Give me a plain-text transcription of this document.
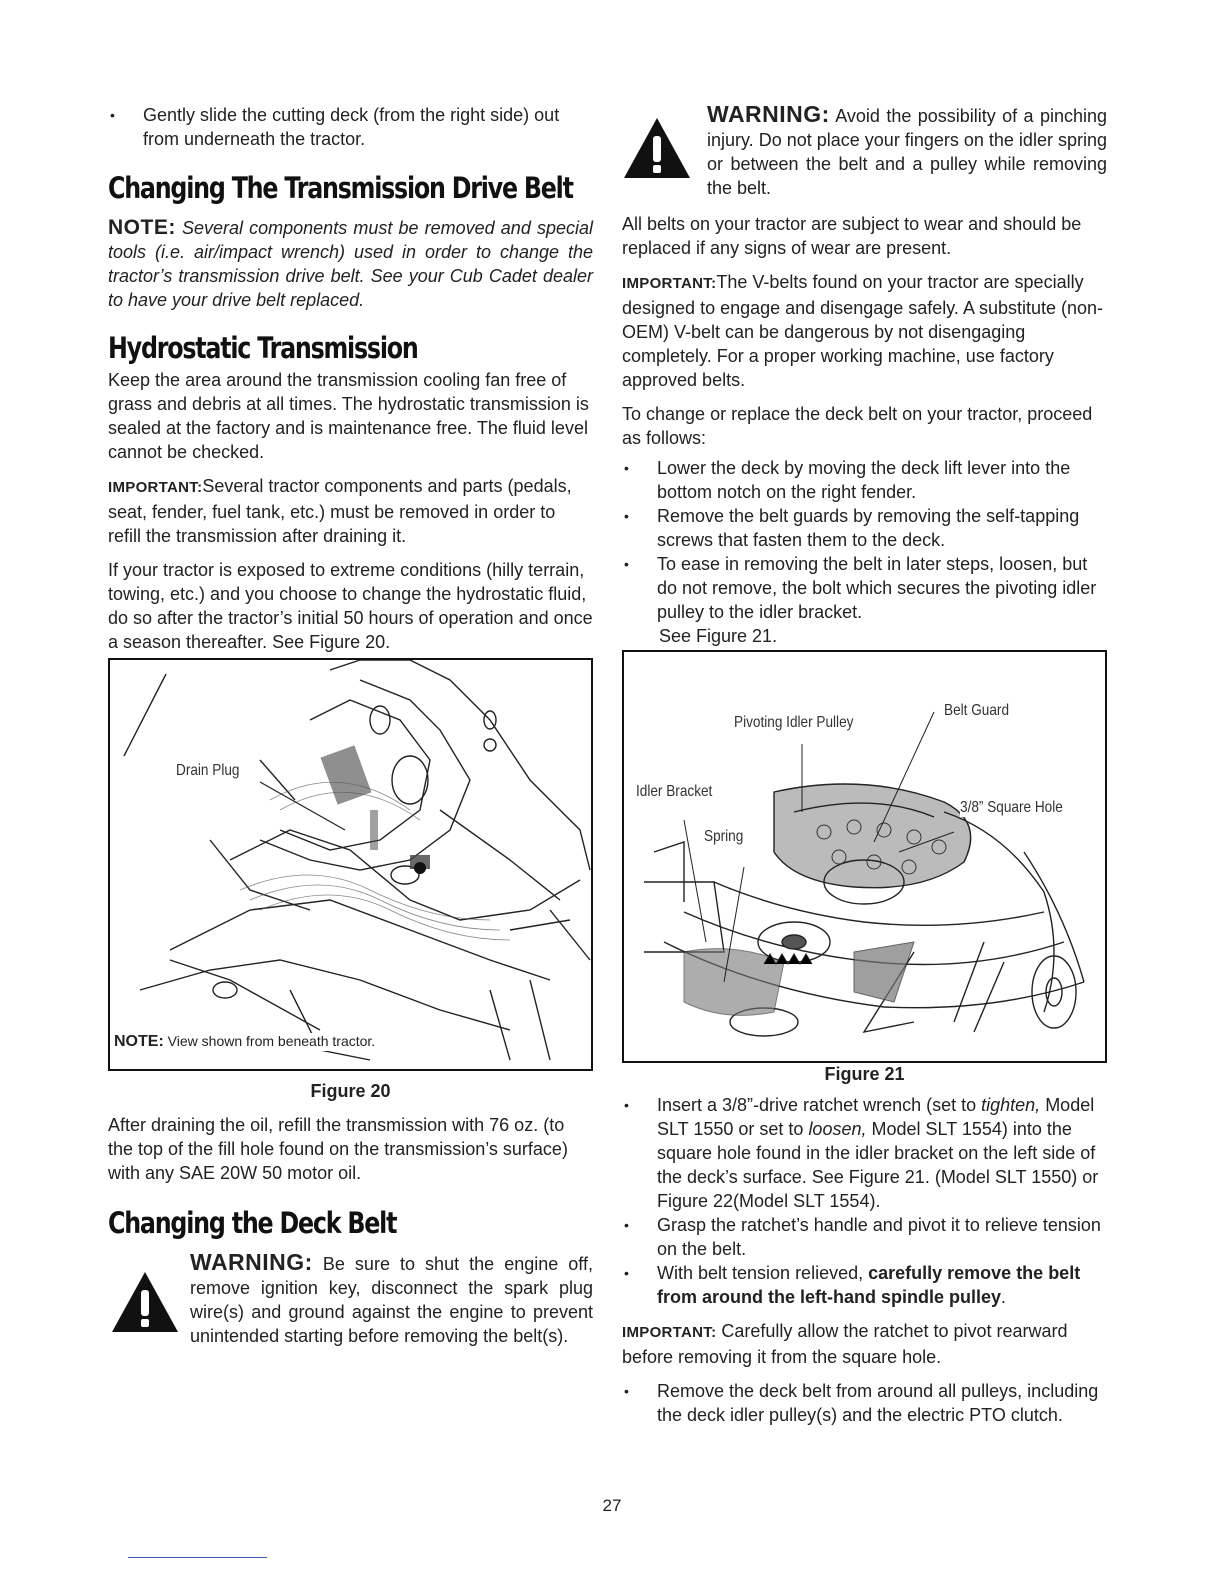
• Gently slide the cutting deck (from the right side) out from underneath the tractor.
Changing The Transmission Drive Belt

NOTE: Several components must be removed and special tools (i.e. air/impact wrench) used in order to change the tractor’s transmission drive belt. See your Cub Cadet dealer to have your drive belt replaced.

Hydrostatic Transmission

Keep the area around the transmission cooling fan free of grass and debris at all times. The hydrostatic transmission is sealed at the factory and is maintenance free. The fluid level cannot be checked.

IMPORTANT:Several tractor components and parts (pedals, seat, fender, fuel tank, etc.) must be removed in order to refill the transmission after draining it.

If your tractor is exposed to extreme conditions (hilly terrain, towing, etc.) and you choose to change the hydrostatic fluid, do so after the tractor’s initial 50 hours of operation and once a season thereafter. See Figure 20.

Drain Plug
NOTE: View shown from beneath tractor.
Figure 20

After draining the oil, refill the transmission with 76 oz. (to the top of the fill hole found on the transmission’s surface) with any SAE 20W 50 motor oil.

Changing the Deck Belt

WARNING: Be sure to shut the engine off, remove ignition key, disconnect the spark plug wire(s) and ground against the engine to prevent unintended starting before removing the belt(s).

WARNING: Avoid the possibility of a pinching injury. Do not place your fingers on the idler spring or between the belt and a pulley while removing the belt.

All belts on your tractor are subject to wear and should be replaced if any signs of wear are present.

IMPORTANT:The V-belts found on your tractor are specially designed to engage and disengage safely. A substitute (non-OEM) V-belt can be dangerous by not disengaging completely. For a proper working machine, use factory approved belts.

To change or replace the deck belt on your tractor, proceed as follows:

• Lower the deck by moving the deck lift lever into the bottom notch on the right fender.
• Remove the belt guards by removing the self-tapping screws that fasten them to the deck.
• To ease in removing the belt in later steps, loosen, but do not remove, the bolt which secures the pivoting idler pulley to the idler bracket.
See Figure 21.
Pivoting Idler Pulley
Belt Guard
Idler Bracket
3/8” Square Hole
Spring
Figure 21
• Insert a 3/8”-drive ratchet wrench (set to tighten, Model SLT 1550 or set to loosen, Model SLT 1554) into the square hole found in the idler bracket on the left side of the deck’s surface. See Figure 21. (Model SLT 1550) or Figure 22(Model SLT 1554).
• Grasp the ratchet’s handle and pivot it to relieve tension on the belt.
• With belt tension relieved, carefully remove the belt from around the left-hand spindle pulley.

IMPORTANT: Carefully allow the ratchet to pivot rearward before removing it from the square hole.

• Remove the deck belt from around all pulleys, including the deck idler pulley(s) and the electric PTO clutch.
27
